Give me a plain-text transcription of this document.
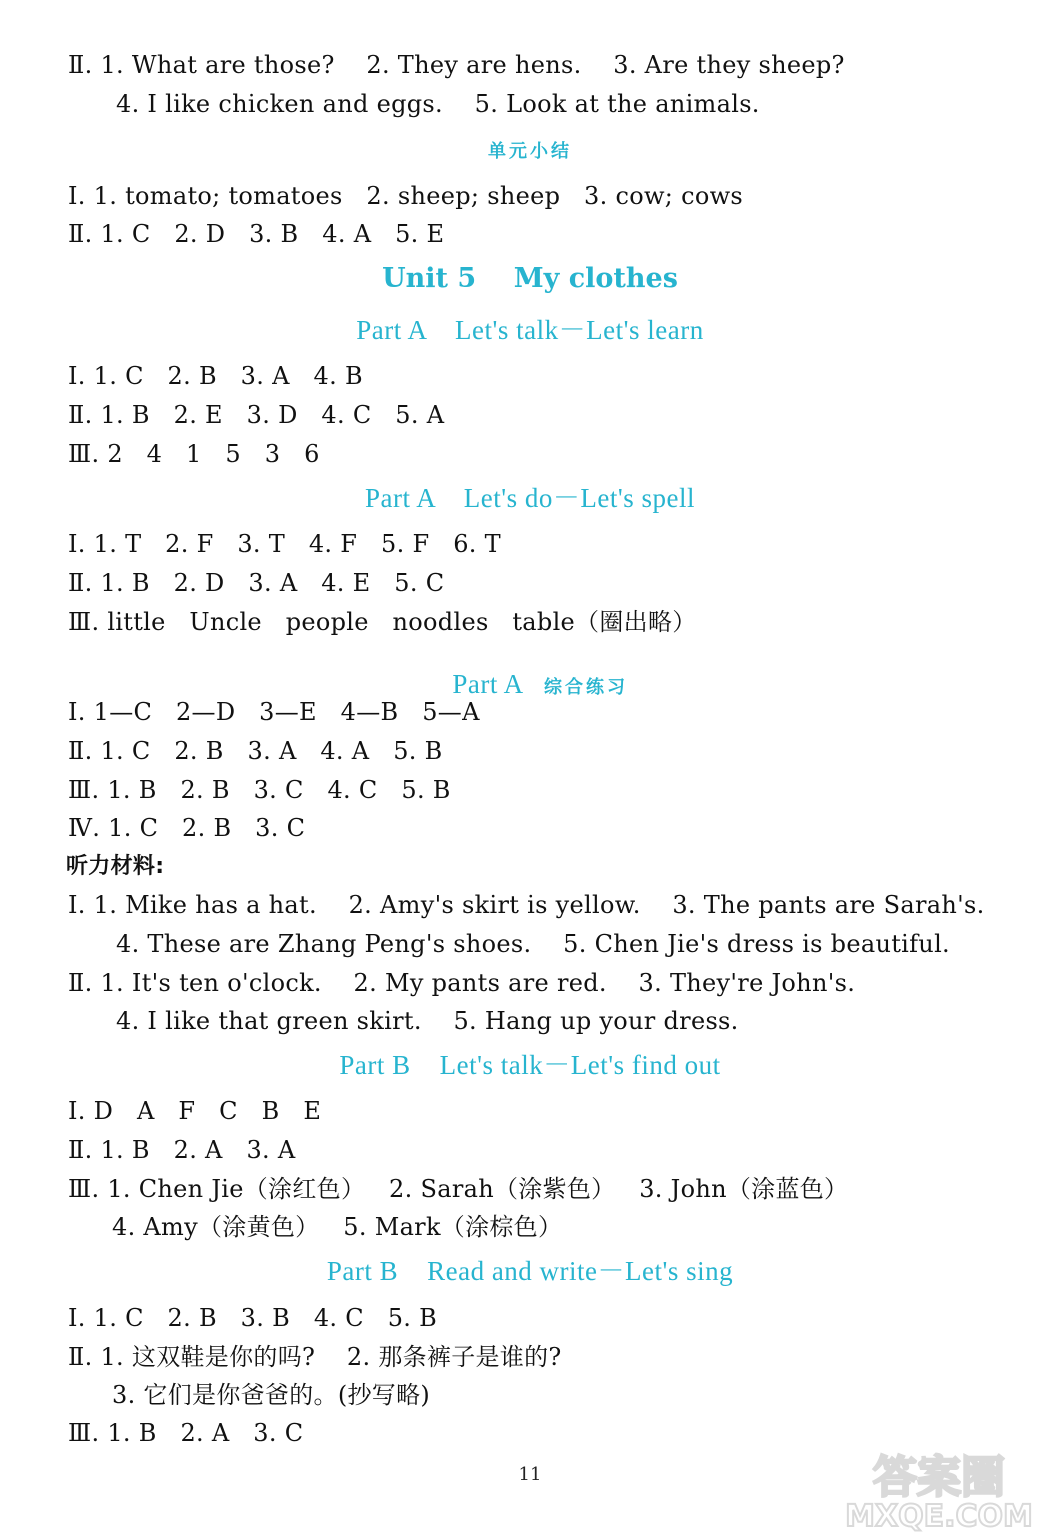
Ⅱ. 1. What are those?    2. They are hens.    3. Are they sheep?
4. I like chicken and eggs.    5. Look at the animals.
单元小结
Ⅰ. 1. tomato; tomatoes   2. sheep; sheep   3. cow; cows
Ⅱ. 1. C   2. D   3. B   4. A   5. E
Unit 5    My clothes
Part A    Let's talk－Let's learn
Ⅰ. 1. C   2. B   3. A   4. B
Ⅱ. 1. B   2. E   3. D   4. C   5. A
Ⅲ. 2   4   1   5   3   6
Part A    Let's do－Let's spell
Ⅰ. 1. T   2. F   3. T   4. F   5. F   6. T
Ⅱ. 1. B   2. D   3. A   4. E   5. C
Ⅲ. little   Uncle   people   noodles   table（圈出略）

Part A 综合练习

Ⅰ. 1—C   2—D   3—E   4—B   5—A
Ⅱ. 1. C   2. B   3. A   4. A   5. B
Ⅲ. 1. B   2. B   3. C   4. C   5. B
Ⅳ. 1. C   2. B   3. C
听力材料:
Ⅰ. 1. Mike has a hat.    2. Amy's skirt is yellow.    3. The pants are Sarah's.
4. These are Zhang Peng's shoes.    5. Chen Jie's dress is beautiful.
Ⅱ. 1. It's ten o'clock.    2. My pants are red.    3. They're John's.
4. I like that green skirt.    5. Hang up your dress.
Part B    Let's talk－Let's find out
Ⅰ. D   A   F   C   B   E
Ⅱ. 1. B   2. A   3. A
Ⅲ. 1. Chen Jie（涂红色）   2. Sarah（涂紫色）   3. John（涂蓝色）
4. Amy（涂黄色）   5. Mark（涂棕色）
Part B    Read and write－Let's sing
Ⅰ. 1. C   2. B   3. B   4. C   5. B
Ⅱ. 1. 这双鞋是你的吗?    2. 那条裤子是谁的?
3. 它们是你爸爸的。(抄写略)
Ⅲ. 1. B   2. A   3. C
11	答案圈
MXQE.COM
